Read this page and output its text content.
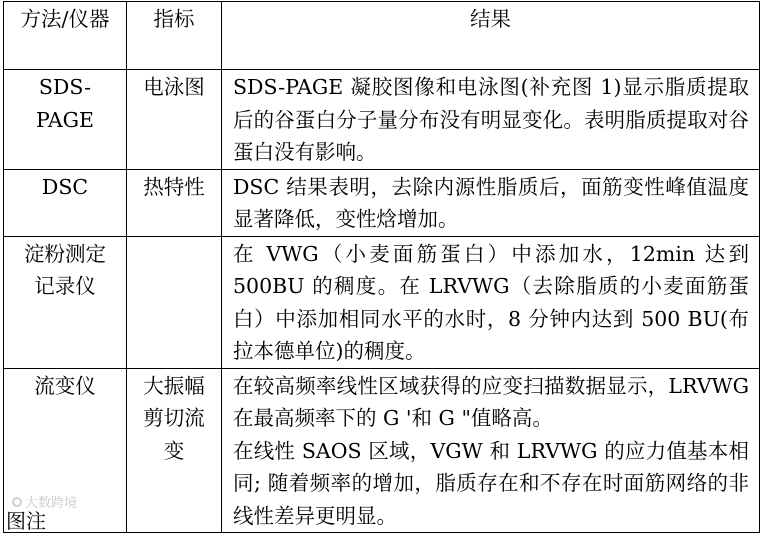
方法/仪器	指标	结果
SDS-PAGE	电泳图	SDS-PAGE 凝胶图像和电泳图(补充图 1)显示脂质提取后的谷蛋白分子量分布没有明显变化。表明脂质提取对谷蛋白没有影响。

DSC	热特性	DSC 结果表明，去除内源性脂质后，面筋变性峰值温度显著降低，变性焓增加。

淀粉测定记录仪		在 VWG（小麦面筋蛋白）中添加水，12min 达到 500BU 的稠度。在 LRVWG（去除脂质的小麦面筋蛋白）中添加相同水平的水时，8 分钟内达到 500 BU(布拉本德单位)的稠度。

流变仪	大振幅剪切流变	在较高频率线性区域获得的应变扫描数据显示，LRVWG 在最高频率下的 G '和 G "值略高。
在线性 SAOS 区域，VGW 和 LRVWG 的应力值基本相同; 随着频率的增加，脂质存在和不存在时面筋网络的非线性差异更明显。
大数跨境
图注
